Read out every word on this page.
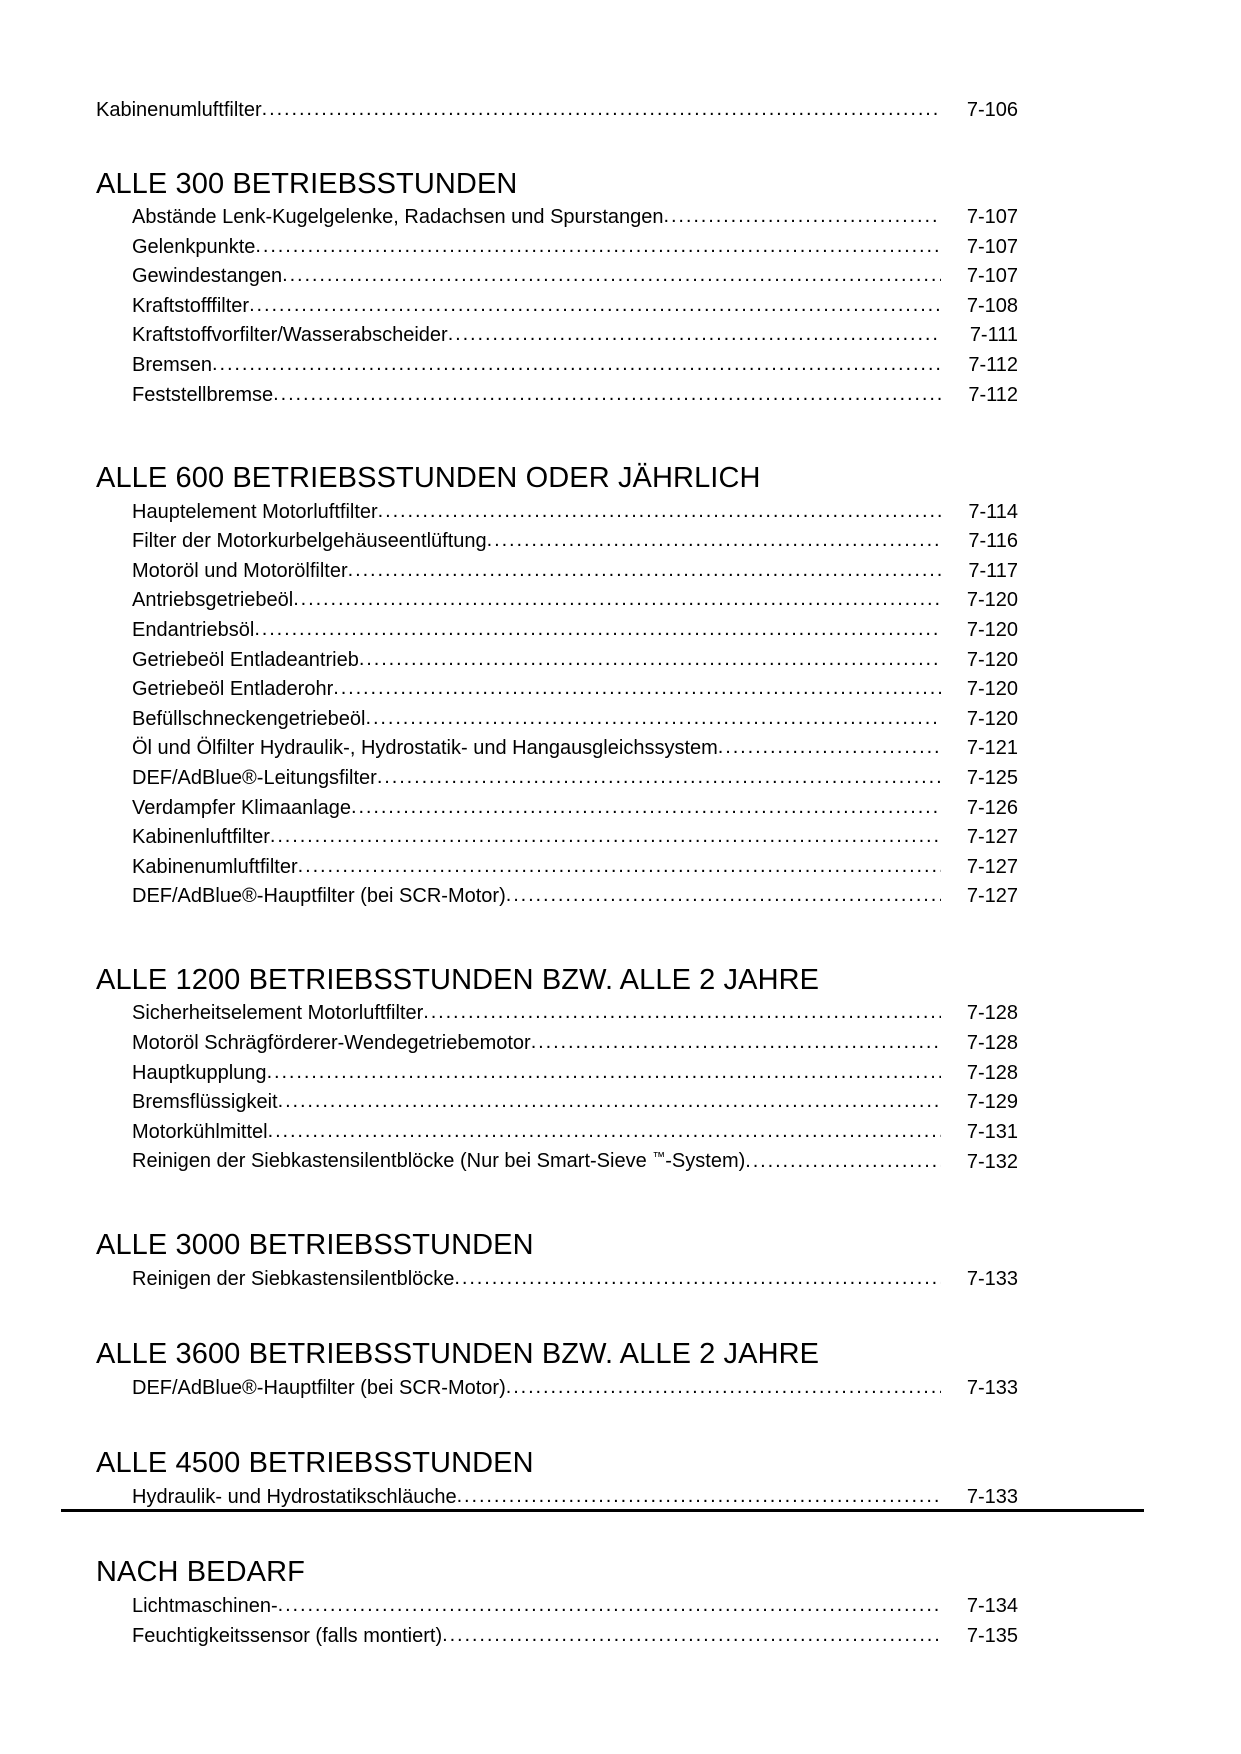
Kabinenumluftfilter .....	7-106
ALLE 300 BETRIEBSSTUNDEN
Abstände Lenk-Kugelgelenke, Radachsen und Spurstangen .....	7-107
Gelenkpunkte .....	7-107
Gewindestangen .....	7-107
Kraftstofffilter .....	7-108
Kraftstoffvorfilter/Wasserabscheider .....	7-111
Bremsen .....	7-112
Feststellbremse .....	7-112
ALLE 600 BETRIEBSSTUNDEN ODER JÄHRLICH
Hauptelement Motorluftfilter .....	7-114
Filter der Motorkurbelgehäuseentlüftung .....	7-116
Motoröl und Motorölfilter .....	7-117
Antriebsgetriebeöl .....	7-120
Endantriebsöl .....	7-120
Getriebeöl Entladeantrieb .....	7-120
Getriebeöl Entladerohr .....	7-120
Befüllschneckengetriebeöl .....	7-120
Öl und Ölfilter Hydraulik-, Hydrostatik- und Hangausgleichssystem .....	7-121
DEF/AdBlue®-Leitungsfilter .....	7-125
Verdampfer Klimaanlage .....	7-126
Kabinenluftfilter .....	7-127
Kabinenumluftfilter .....	7-127
DEF/AdBlue®-Hauptfilter (bei SCR-Motor) .....	7-127
ALLE 1200 BETRIEBSSTUNDEN BZW. ALLE 2 JAHRE
Sicherheitselement Motorluftfilter .....	7-128
Motoröl Schrägförderer-Wendegetriebemotor .....	7-128
Hauptkupplung .....	7-128
Bremsflüssigkeit .....	7-129
Motorkühlmittel .....	7-131
Reinigen der Siebkastensilentblöcke (Nur bei Smart-Sieve ™-System) .....	7-132
ALLE 3000 BETRIEBSSTUNDEN
Reinigen der Siebkastensilentblöcke .....	7-133
ALLE 3600 BETRIEBSSTUNDEN BZW. ALLE 2 JAHRE
DEF/AdBlue®-Hauptfilter (bei SCR-Motor) .....	7-133
ALLE 4500 BETRIEBSSTUNDEN
Hydraulik- und Hydrostatikschläuche .....	7-133
NACH BEDARF
Lichtmaschinen- .....	7-134
Feuchtigkeitssensor (falls montiert) .....	7-135
